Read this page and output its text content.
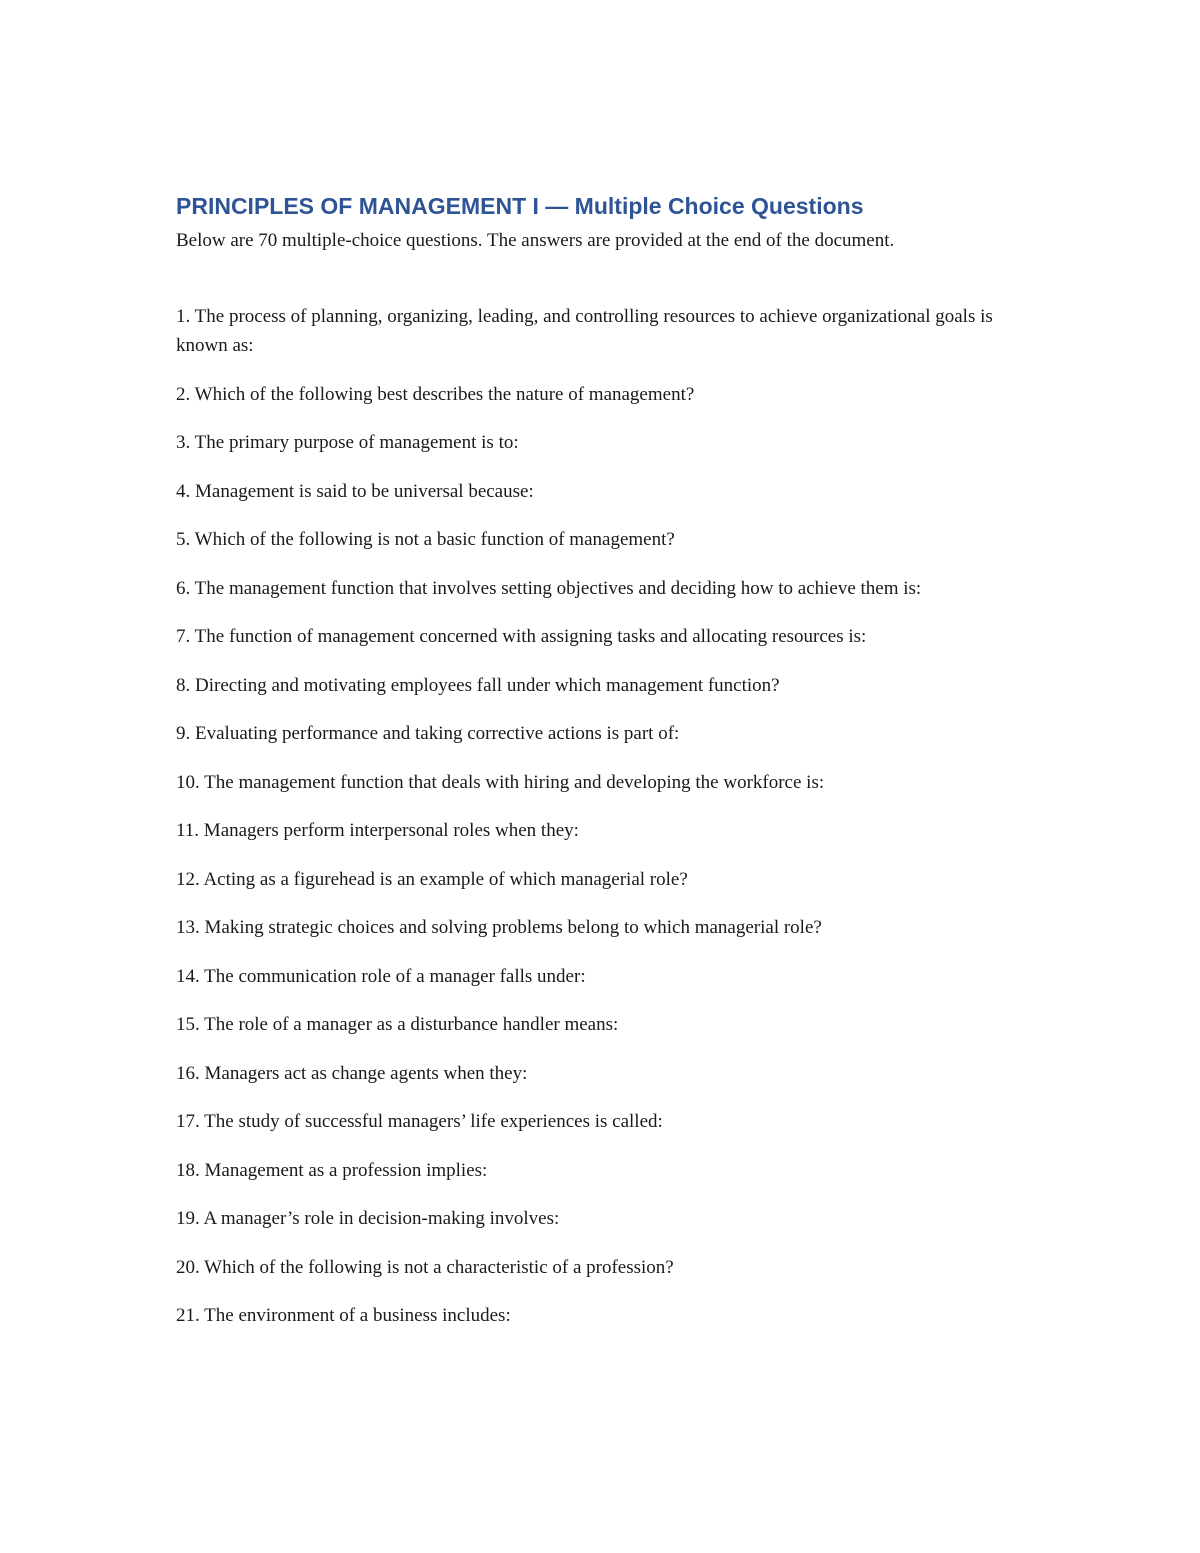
PRINCIPLES OF MANAGEMENT I — Multiple Choice Questions

Below are 70 multiple-choice questions. The answers are provided at the end of the document.

1. The process of planning, organizing, leading, and controlling resources to achieve organizational goals is known as:
2. Which of the following best describes the nature of management?
3. The primary purpose of management is to:
4. Management is said to be universal because:
5. Which of the following is not a basic function of management?
6. The management function that involves setting objectives and deciding how to achieve them is:
7. The function of management concerned with assigning tasks and allocating resources is:
8. Directing and motivating employees fall under which management function?
9. Evaluating performance and taking corrective actions is part of:
10. The management function that deals with hiring and developing the workforce is:
11. Managers perform interpersonal roles when they:
12. Acting as a figurehead is an example of which managerial role?
13. Making strategic choices and solving problems belong to which managerial role?
14. The communication role of a manager falls under:
15. The role of a manager as a disturbance handler means:
16. Managers act as change agents when they:
17. The study of successful managers’ life experiences is called:
18. Management as a profession implies:
19. A manager’s role in decision-making involves:
20. Which of the following is not a characteristic of a profession?
21. The environment of a business includes:
